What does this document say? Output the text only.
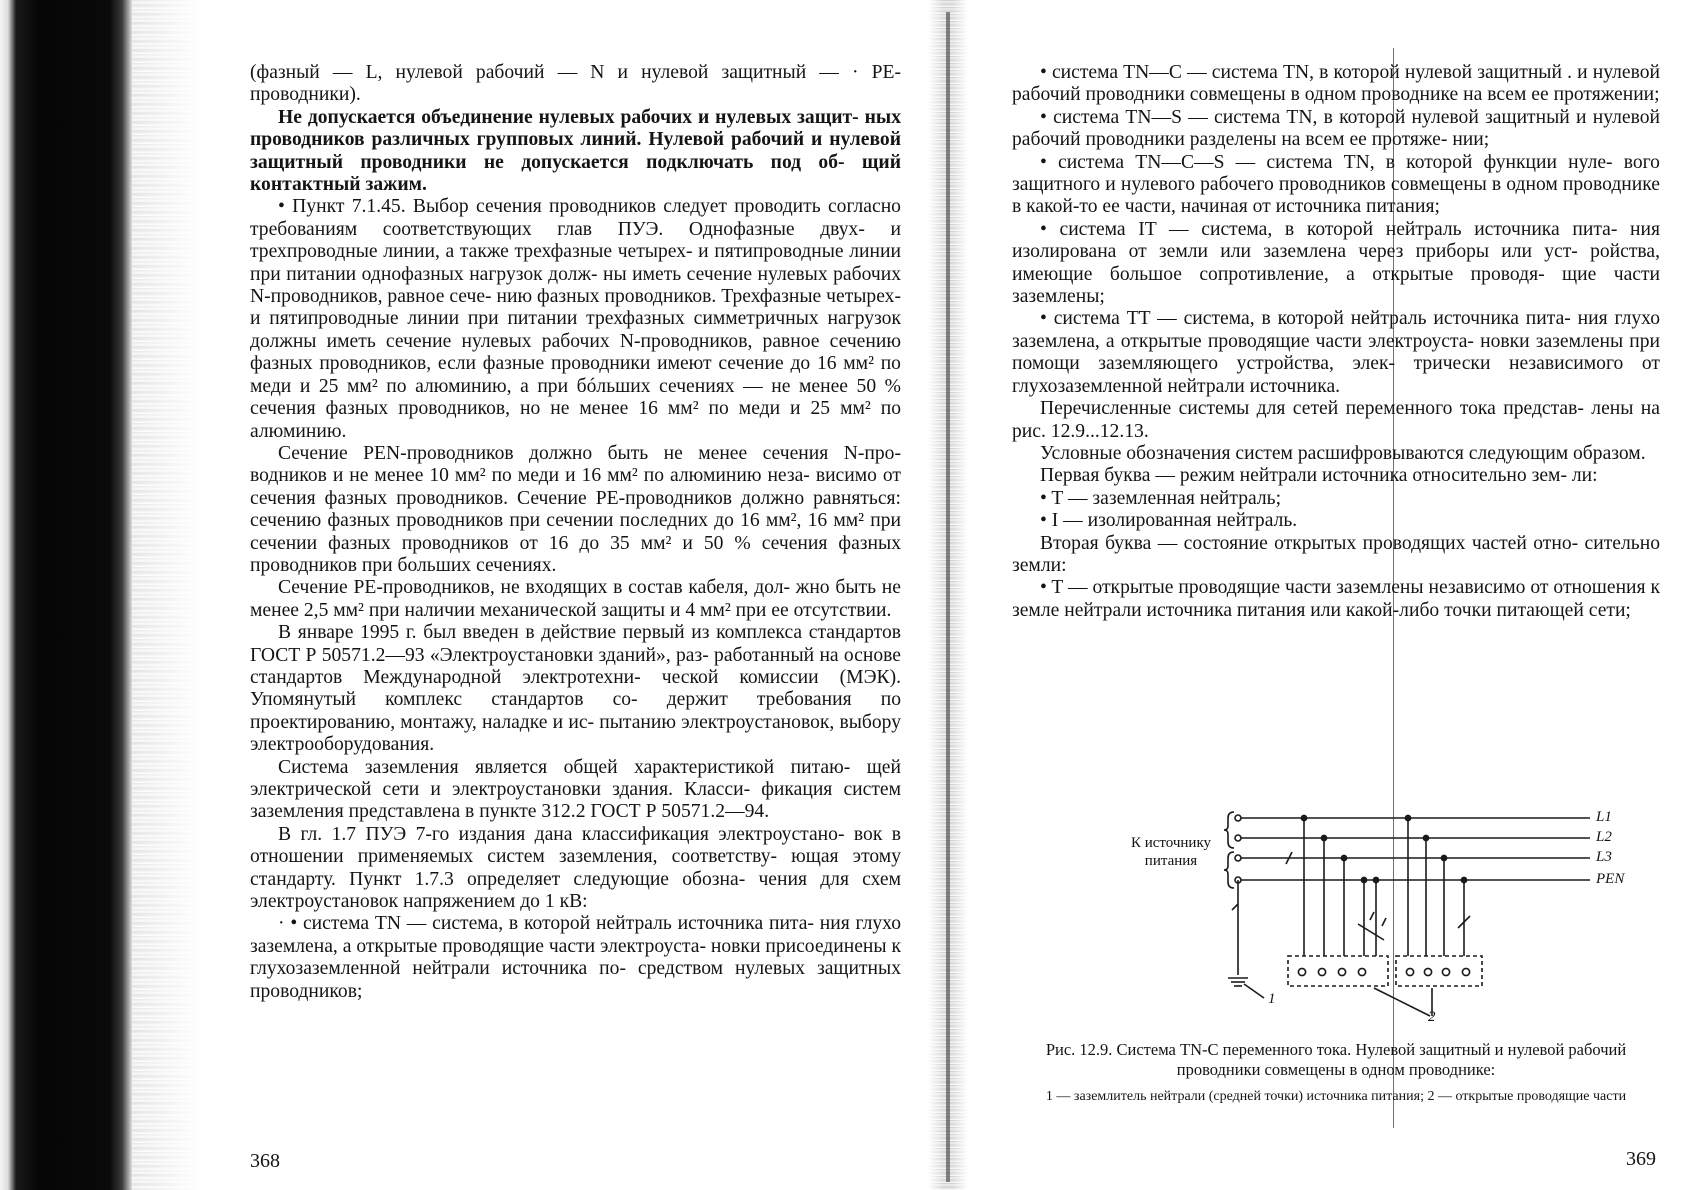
(фазный — L, нулевой рабочий — N и нулевой защитный — · PE-проводники).

Не допускается объединение нулевых рабочих и нулевых защит- ных проводников различных групповых линий. Нулевой рабочий и нулевой защитный проводники не допускается подключать под об- щий контактный зажим.

• Пункт 7.1.45. Выбор сечения проводников следует проводить согласно требованиям соответствующих глав ПУЭ. Однофазные двух- и трехпроводные линии, а также трехфазные четырех- и пятипроводные линии при питании однофазных нагрузок долж- ны иметь сечение нулевых рабочих N-проводников, равное сече- нию фазных проводников. Трехфазные четырех- и пятипроводные линии при питании трехфазных симметричных нагрузок должны иметь сечение нулевых рабочих N-проводников, равное сечению фазных проводников, если фазные проводники имеют сечение до 16 мм² по меди и 25 мм² по алюминию, а при бóльших сечениях — не менее 50 % сечения фазных проводников, но не менее 16 мм² по меди и 25 мм² по алюминию.

Сечение PEN-проводников должно быть не менее сечения N-про- водников и не менее 10 мм² по меди и 16 мм² по алюминию неза- висимо от сечения фазных проводников. Сечение PE-проводников должно равняться: сечению фазных проводников при сечении последних до 16 мм², 16 мм² при сечении фазных проводников от 16 до 35 мм² и 50 % сечения фазных проводников при больших сечениях.

Сечение PE-проводников, не входящих в состав кабеля, дол- жно быть не менее 2,5 мм² при наличии механической защиты и 4 мм² при ее отсутствии.

В январе 1995 г. был введен в действие первый из комплекса стандартов ГОСТ Р 50571.2—93 «Электроустановки зданий», раз- работанный на основе стандартов Международной электротехни- ческой комиссии (МЭК). Упомянутый комплекс стандартов со- держит требования по проектированию, монтажу, наладке и ис- пытанию электроустановок, выбору электрооборудования.

Система заземления является общей характеристикой питаю- щей электрической сети и электроустановки здания. Класси- фикация систем заземления представлена в пункте 312.2 ГОСТ Р 50571.2—94.

В гл. 1.7 ПУЭ 7-го издания дана классификация электроустано- вок в отношении применяемых систем заземления, соответству- ющая этому стандарту. Пункт 1.7.3 определяет следующие обозна- чения для схем электроустановок напряжением до 1 кВ:

· • система TN — система, в которой нейтраль источника пита- ния глухо заземлена, а открытые проводящие части электроуста- новки присоединены к глухозаземленной нейтрали источника по- средством нулевых защитных проводников;

368

• система TN—C — система TN, в которой нулевой защитный . и нулевой рабочий проводники совмещены в одном проводнике на всем ее протяжении;

• система TN—S — система TN, в которой нулевой защитный и нулевой рабочий проводники разделены на всем ее протяже- нии;

• система TN—C—S — система TN, в которой функции нуле- вого защитного и нулевого рабочего проводников совмещены в одном проводнике в какой-то ее части, начиная от источника питания;

• система IT — система, в которой нейтраль источника пита- ния изолирована от земли или заземлена через приборы или уст- ройства, имеющие большое сопротивление, а открытые проводя- щие части заземлены;

• система TT — система, в которой нейтраль источника пита- ния глухо заземлена, а открытые проводящие части электроуста- новки заземлены при помощи заземляющего устройства, элек- трически независимого от глухозаземленной нейтрали источника.

Перечисленные системы для сетей переменного тока представ- лены на рис. 12.9...12.13.

Условные обозначения систем расшифровываются следующим образом.

Первая буква — режим нейтрали источника относительно зем- ли:

• T — заземленная нейтраль;

• I — изолированная нейтраль.

Вторая буква — состояние открытых проводящих частей отно- сительно земли:

• T — открытые проводящие части заземлены независимо от отношения к земле нейтрали источника питания или какой-либо точки питающей сети;

К источнику питания
L1
L2
L3
PEN
1
2
Рис. 12.9. Система TN-C переменного тока. Нулевой защитный и нулевой рабочий проводники совмещены в одном проводнике:
1 — заземлитель нейтрали (средней точки) источника питания; 2 — открытые проводящие части
369
